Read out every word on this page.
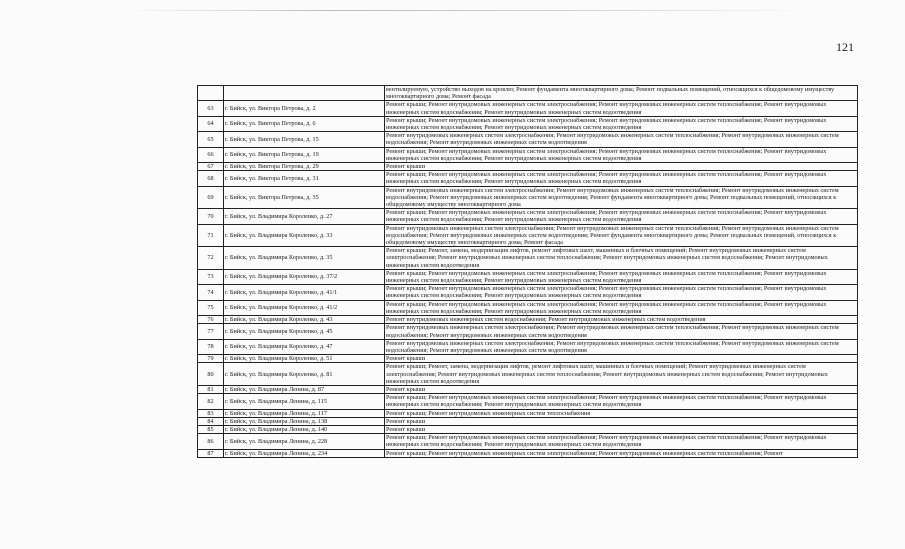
121
		вентилируемую, устройство выходов на кровлю; Ремонт фундамента многоквартирного дома; Ремонт подвальных помещений, относящихся к общедомовому имуществу многоквартирного дома; Ремонт фасада
63	г. Бийск, ул. Виктора Петрова, д. 2	Ремонт крыши; Ремонт внутридомовых инженерных систем электроснабжения; Ремонт внутридомовых инженерных систем теплоснабжения; Ремонт внутридомовых инженерных систем водоснабжения; Ремонт внутридомовых инженерных систем водоотведения
64	г. Бийск, ул. Виктора Петрова, д. 6	Ремонт крыши; Ремонт внутридомовых инженерных систем электроснабжения; Ремонт внутридомовых инженерных систем теплоснабжения; Ремонт внутридомовых инженерных систем водоснабжения; Ремонт внутридомовых инженерных систем водоотведения
65	г. Бийск, ул. Виктора Петрова, д. 15	Ремонт внутридомовых инженерных систем электроснабжения; Ремонт внутридомовых инженерных систем теплоснабжения; Ремонт внутридомовых инженерных систем водоснабжения; Ремонт внутридомовых инженерных систем водоотведения
66	г. Бийск, ул. Виктора Петрова, д. 19	Ремонт крыши; Ремонт внутридомовых инженерных систем электроснабжения; Ремонт внутридомовых инженерных систем теплоснабжения; Ремонт внутридомовых инженерных систем водоснабжения; Ремонт внутридомовых инженерных систем водоотведения
67	г. Бийск, ул. Виктора Петрова, д. 29	Ремонт крыши
68	г. Бийск, ул. Виктора Петрова, д. 31	Ремонт крыши; Ремонт внутридомовых инженерных систем электроснабжения; Ремонт внутридомовых инженерных систем теплоснабжения; Ремонт внутридомовых инженерных систем водоснабжения; Ремонт внутридомовых инженерных систем водоотведения
69	г. Бийск, ул. Виктора Петрова, д. 35	Ремонт внутридомовых инженерных систем электроснабжения; Ремонт внутридомовых инженерных систем теплоснабжения; Ремонт внутридомовых инженерных систем водоснабжения; Ремонт внутридомовых инженерных систем водоотведения; Ремонт фундамента многоквартирного дома; Ремонт подвальных помещений, относящихся к общедомовому имуществу многоквартирного дома
70	г. Бийск, ул. Владимира Короленко, д. 27	Ремонт крыши; Ремонт внутридомовых инженерных систем электроснабжения; Ремонт внутридомовых инженерных систем теплоснабжения; Ремонт внутридомовых инженерных систем водоснабжения; Ремонт внутридомовых инженерных систем водоотведения
71	г. Бийск, ул. Владимира Короленко, д. 33	Ремонт внутридомовых инженерных систем электроснабжения; Ремонт внутридомовых инженерных систем теплоснабжения; Ремонт внутридомовых инженерных систем водоснабжения; Ремонт внутридомовых инженерных систем водоотведения; Ремонт фундамента многоквартирного дома; Ремонт подвальных помещений, относящихся к общедомовому имуществу многоквартирного дома; Ремонт фасада
72	г. Бийск, ул. Владимира Короленко, д. 35	Ремонт крыши; Ремонт, замена, модернизация лифтов, ремонт лифтовых шахт, машинных и блочных помещений; Ремонт внутридомовых инженерных систем электроснабжения; Ремонт внутридомовых инженерных систем теплоснабжения; Ремонт внутридомовых инженерных систем водоснабжения; Ремонт внутридомовых инженерных систем водоотведения
73	г. Бийск, ул. Владимира Короленко, д. 37/2	Ремонт крыши; Ремонт внутридомовых инженерных систем электроснабжения; Ремонт внутридомовых инженерных систем теплоснабжения; Ремонт внутридомовых инженерных систем водоснабжения; Ремонт внутридомовых инженерных систем водоотведения
74	г. Бийск, ул. Владимира Короленко, д. 41/1	Ремонт крыши; Ремонт внутридомовых инженерных систем электроснабжения; Ремонт внутридомовых инженерных систем теплоснабжения; Ремонт внутридомовых инженерных систем водоснабжения; Ремонт внутридомовых инженерных систем водоотведения
75	г. Бийск, ул. Владимира Короленко, д. 41/2	Ремонт крыши; Ремонт внутридомовых инженерных систем электроснабжения; Ремонт внутридомовых инженерных систем теплоснабжения; Ремонт внутридомовых инженерных систем водоснабжения; Ремонт внутридомовых инженерных систем водоотведения
76	г. Бийск, ул. Владимира Короленко, д. 43	Ремонт внутридомовых инженерных систем водоснабжения; Ремонт внутридомовых инженерных систем водоотведения
77	г. Бийск, ул. Владимира Короленко, д. 45	Ремонт внутридомовых инженерных систем электроснабжения; Ремонт внутридомовых инженерных систем теплоснабжения; Ремонт внутридомовых инженерных систем водоснабжения; Ремонт внутридомовых инженерных систем водоотведения
78	г. Бийск, ул. Владимира Короленко, д. 47	Ремонт внутридомовых инженерных систем электроснабжения; Ремонт внутридомовых инженерных систем теплоснабжения; Ремонт внутридомовых инженерных систем водоснабжения; Ремонт внутридомовых инженерных систем водоотведения
79	г. Бийск, ул. Владимира Короленко, д. 51	Ремонт крыши
80	г. Бийск, ул. Владимира Короленко, д. 81	Ремонт крыши; Ремонт, замена, модернизация лифтов, ремонт лифтовых шахт, машинных и блочных помещений; Ремонт внутридомовых инженерных систем электроснабжения; Ремонт внутридомовых инженерных систем теплоснабжения; Ремонт внутридомовых инженерных систем водоснабжения; Ремонт внутридомовых инженерных систем водоотведения
81	г. Бийск, ул. Владимира Ленина, д. 87	Ремонт крыши
82	г. Бийск, ул. Владимира Ленина, д. 115	Ремонт крыши; Ремонт внутридомовых инженерных систем электроснабжения; Ремонт внутридомовых инженерных систем теплоснабжения; Ремонт внутридомовых инженерных систем водоснабжения; Ремонт внутридомовых инженерных систем водоотведения
83	г. Бийск, ул. Владимира Ленина, д. 117	Ремонт крыши; Ремонт внутридомовых инженерных систем теплоснабжения
84	г. Бийск, ул. Владимира Ленина, д. 138	Ремонт крыши
85	г. Бийск, ул. Владимира Ленина, д. 140	Ремонт крыши
86	г. Бийск, ул. Владимира Ленина, д. 228	Ремонт крыши; Ремонт внутридомовых инженерных систем электроснабжения; Ремонт внутридомовых инженерных систем теплоснабжения; Ремонт внутридомовых инженерных систем водоснабжения; Ремонт внутридомовых инженерных систем водоотведения
87	г. Бийск, ул. Владимира Ленина, д. 234	Ремонт крыши; Ремонт внутридомовых инженерных систем электроснабжения; Ремонт внутридомовых инженерных систем теплоснабжения; Ремонт
